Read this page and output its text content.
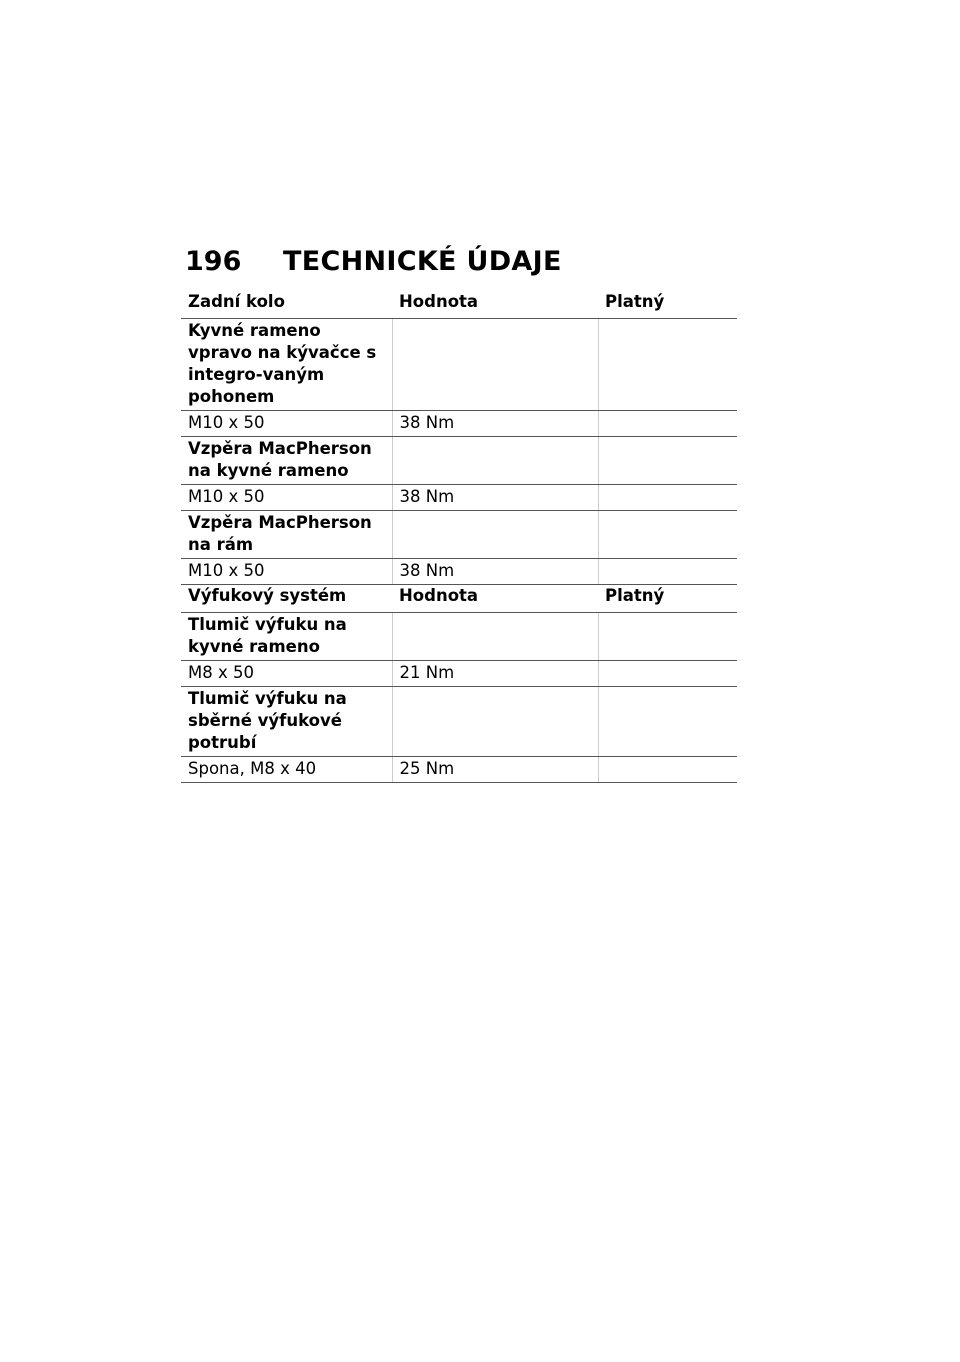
196 TECHNICKÉ ÚDAJE
Zadní kolo	Hodnota	Platný
Kyvné rameno vpravo na kývačce s integro-vaným pohonem		
M10 x 50	38 Nm	
Vzpěra MacPherson na kyvné rameno		
M10 x 50	38 Nm	
Vzpěra MacPherson na rám		
M10 x 50	38 Nm	
Výfukový systém	Hodnota	Platný
Tlumič výfuku na kyvné rameno		
M8 x 50	21 Nm	
Tlumič výfuku na sběrné výfukové potrubí		
Spona, M8 x 40	25 Nm	
